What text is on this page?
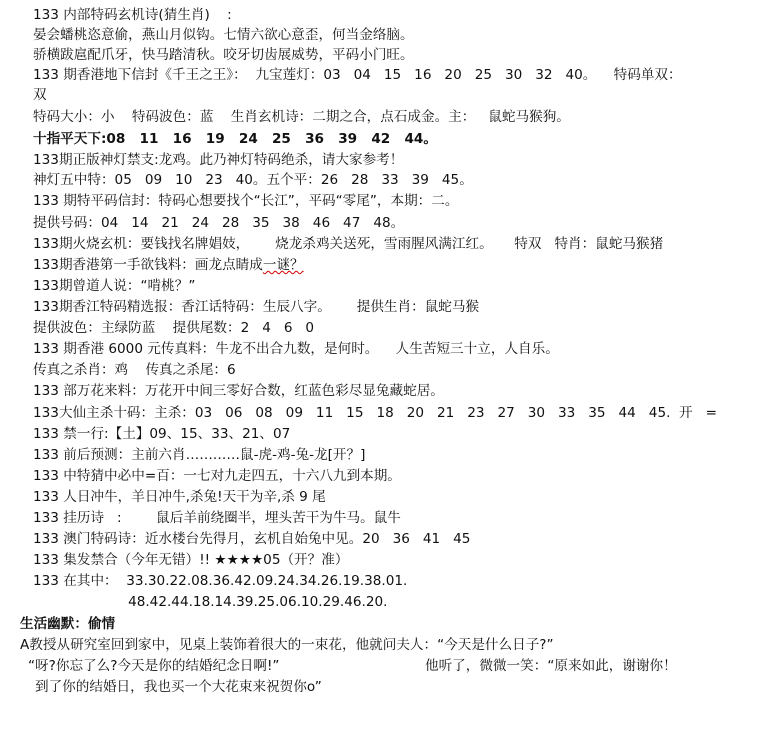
133 内部特码玄机诗(猜生肖)    :
晏会蟠桃恣意偷，燕山月似钩。七情六欲心意歪，何当金络脑。
骄横跋扈配爪牙，快马踏清秋。咬牙切齿展威势，平码小门旺。
133 期香港地下信封《千王之王》：  九宝莲灯：03   04   15   16   20   25   30   32   40。    特码单双：
双
特码大小：小    特码波色：蓝    生肖玄机诗：二期之合，点石成金。主：   鼠蛇马猴狗。
十指平天下:08   11   16   19   24   25   36   39   42   44。
133期正版神灯禁支:龙鸡。此乃神灯特码绝杀，请大家参考！
神灯五中特：05   09   10   23   40。五个平：26   28   33   39   45。
133 期特平码信封：特码心想要找个“长江”，平码“零尾”，本期：二。
提供号码：04   14   21   24   28   35   38   46   47   48。
133期火烧玄机：要钱找名牌娼妓，      烧龙杀鸡关送死，雪雨腥风满江红。     特双   特肖：鼠蛇马猴猪
133期香港第一手欲钱料：画龙点睛成一谜？
133期曾道人说：“啃桃？”
133期香江特码精选报：香江话特码：生辰八字。      提供生肖：鼠蛇马猴
提供波色：主绿防蓝    提供尾数：2   4   6   0
133 期香港 6000 元传真料：牛龙不出合九数，是何时。    人生苦短三十立，人自乐。
传真之杀肖：鸡    传真之杀尾：6
133 部万花来料：万花开中间三零好合数，红蓝色彩尽显兔藏蛇居。
133大仙主杀十码：主杀：03   06   08   09   11   15   18   20   21   23   27   30   33   35   44   45.  开   =
133 禁一行:【土】09、15、33、21、07
133 前后预测：主前六肖…………鼠-虎-鸡-兔-龙[开？]
133 中特猜中必中=百：一七对九走四五，十六八九到本期。
133 人日冲牛，羊日冲牛,杀兔!天干为辛,杀 9 尾
133 挂历诗   :        鼠后羊前绕圈半，埋头苦干为牛马。鼠牛
133 澳门特码诗：近水楼台先得月，玄机自始兔中见。20   36   41   45
133 集发禁合（今年无错）!! ★★★★05（开？准）
133 在其中：  33.30.22.08.36.42.09.24.34.26.19.38.01.
48.42.44.18.14.39.25.06.10.29.46.20.
生活幽默：偷情
A教授从研究室回到家中，见桌上装饰着很大的一束花，他就问夫人：“今天是什么日子?”
“呀?你忘了么?今天是你的结婚纪念日啊!”	他听了，微微一笑：“原来如此，谢谢你！
到了你的结婚日，我也买一个大花束来祝贺你o”
